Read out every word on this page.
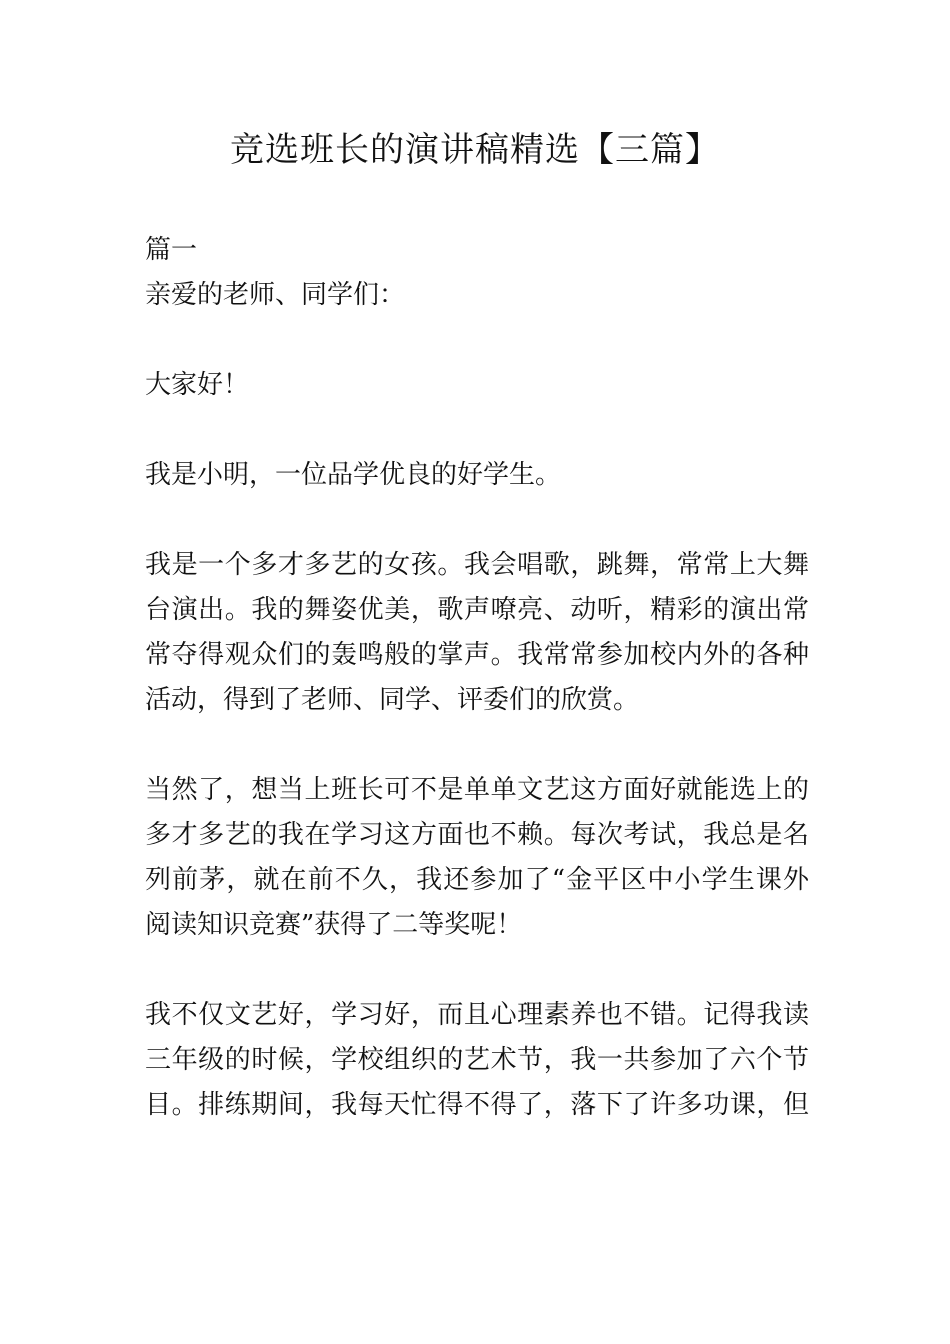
竞选班长的演讲稿精选【三篇】
篇一
亲爱的老师、同学们：
大家好！
我是小明，一位品学优良的好学生。
我是一个多才多艺的女孩。我会唱歌，跳舞，常常上大舞
台演出。我的舞姿优美，歌声嘹亮、动听，精彩的演出常
常夺得观众们的轰鸣般的掌声。我常常参加校内外的各种
活动，得到了老师、同学、评委们的欣赏。
当然了，想当上班长可不是单单文艺这方面好就能选上的
多才多艺的我在学习这方面也不赖。每次考试，我总是名
列前茅，就在前不久，我还参加了“金平区中小学生课外
阅读知识竞赛”获得了二等奖呢！
我不仅文艺好，学习好，而且心理素养也不错。记得我读
三年级的时候，学校组织的艺术节，我一共参加了六个节
目。排练期间，我每天忙得不得了，落下了许多功课，但
